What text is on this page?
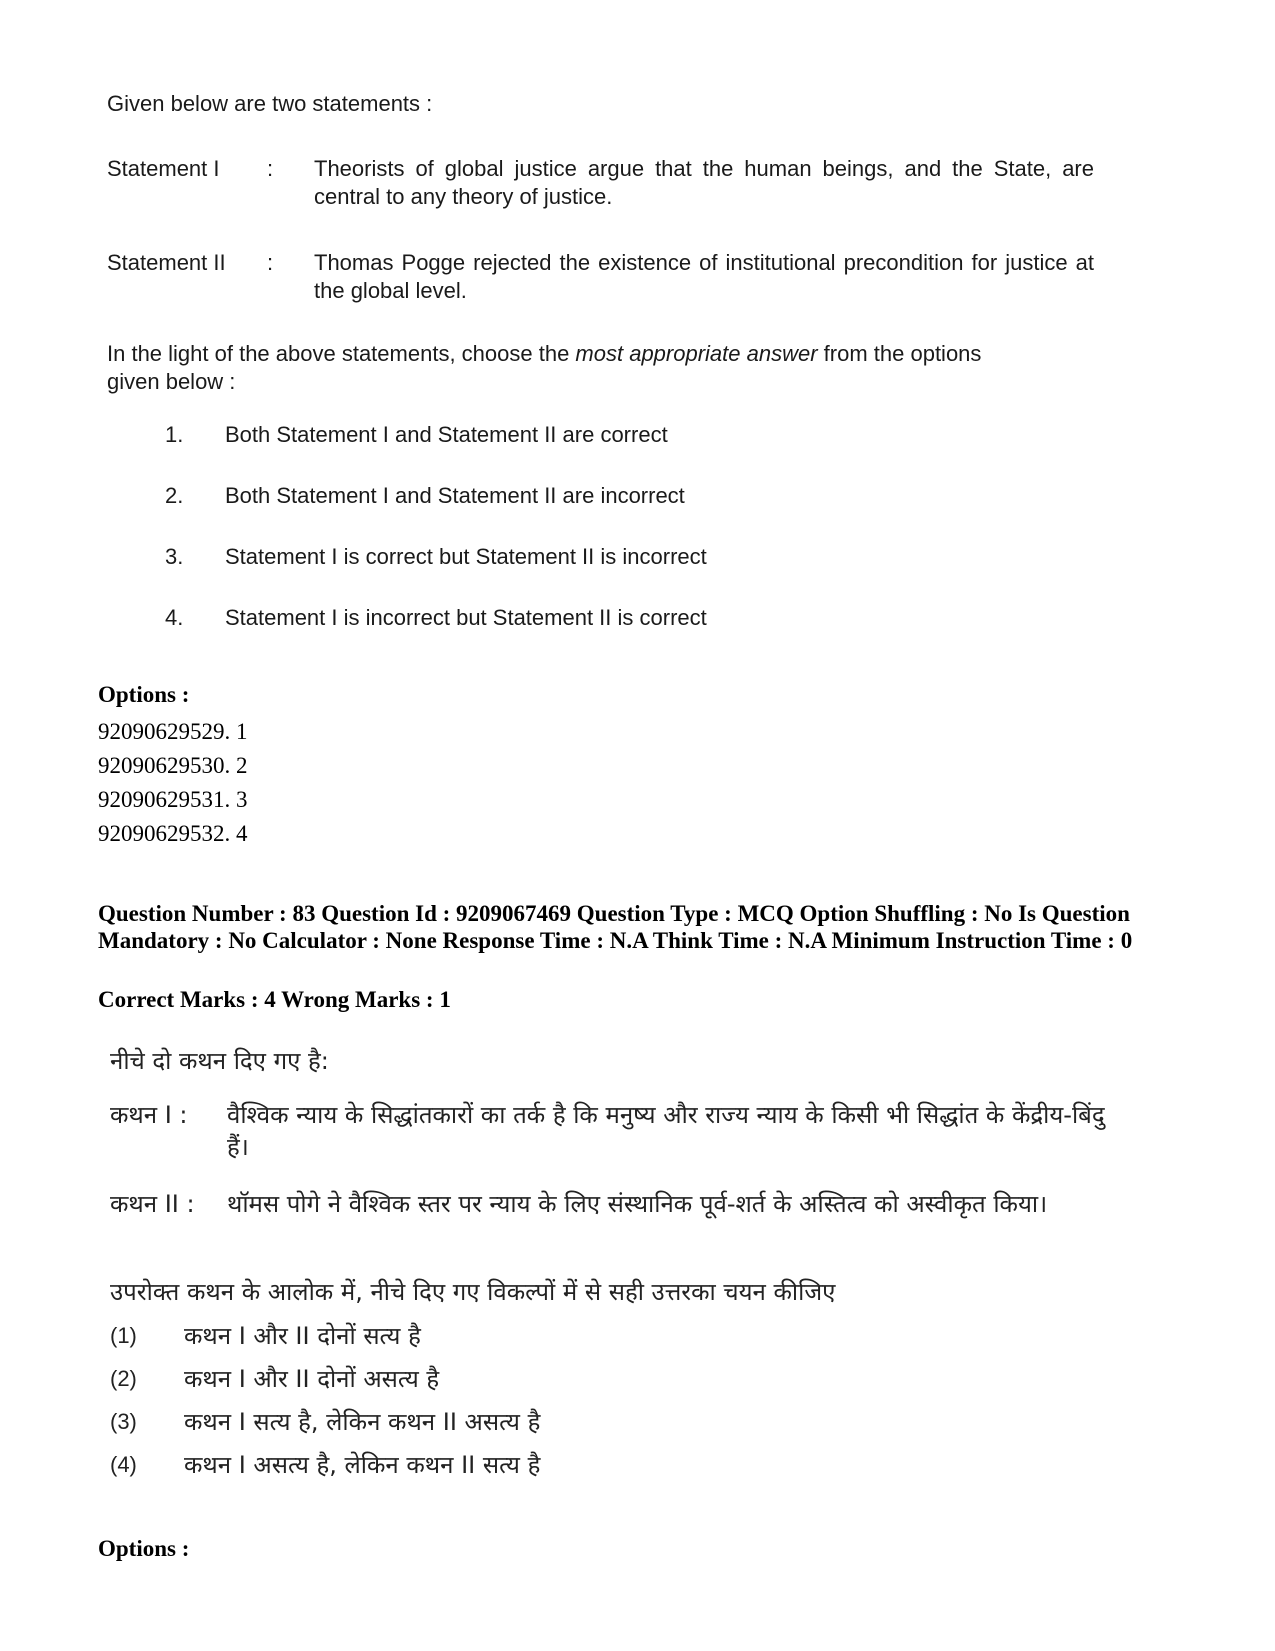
Given below are two statements :
Statement I	: Theorists of global justice argue that the human beings, and the State, are central to any theory of justice.
Statement II	: Thomas Pogge rejected the existence of institutional precondition for justice at the global level.
In the light of the above statements, choose the most appropriate answer from the options given below :
1.	Both Statement I and Statement II are correct
2.	Both Statement I and Statement II are incorrect
3.	Statement I is correct but Statement II is incorrect
4.	Statement I is incorrect but Statement II is correct
Options :
92090629529. 1
92090629530. 2
92090629531. 3
92090629532. 4
Question Number : 83 Question Id : 9209067469 Question Type : MCQ Option Shuffling : No Is Question Mandatory : No Calculator : None Response Time : N.A Think Time : N.A Minimum Instruction Time : 0
Correct Marks : 4 Wrong Marks : 1
नीचे दो कथन दिए गए है:
कथन I :	वैश्विक न्याय के सिद्धांतकारों का तर्क है कि मनुष्य और राज्य न्याय के किसी भी सिद्धांत के केंद्रीय-बिंदु हैं।
कथन II :	थॉमस पोगे ने वैश्विक स्तर पर न्याय के लिए संस्थानिक पूर्व-शर्त के अस्तित्व को अस्वीकृत किया।
उपरोक्त कथन के आलोक में, नीचे दिए गए विकल्पों में से सही उत्तरका चयन कीजिए
(1)	कथन I और II दोनों सत्य है
(2)	कथन I और II दोनों असत्य है
(3)	कथन I सत्य है, लेकिन कथन II असत्य है
(4)	कथन I असत्य है, लेकिन कथन II सत्य है
Options :
